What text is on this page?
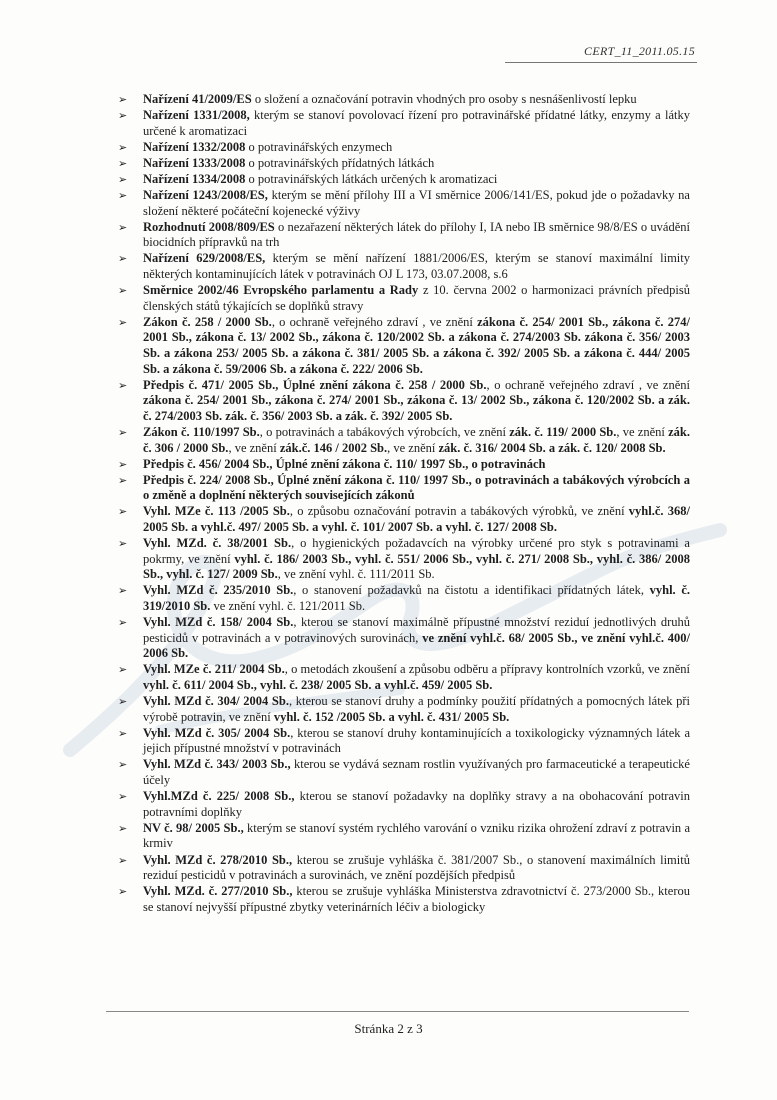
CERT_11_2011.05.15
➢ Nařízení 41/2009/ES o složení a označování potravin vhodných pro osoby s nesnášenlivostí lepku
➢ Nařízení 1331/2008, kterým se stanoví povolovací řízení pro potravinářské přídatné látky, enzymy a látky určené k aromatizaci
➢ Nařízení 1332/2008 o potravinářských enzymech
➢ Nařízení 1333/2008 o potravinářských přídatných látkách
➢ Nařízení 1334/2008 o potravinářských látkách určených k aromatizaci
➢ Nařízení 1243/2008/ES, kterým se mění přílohy III a VI směrnice 2006/141/ES, pokud jde o požadavky na složení některé počáteční kojenecké výživy
➢ Rozhodnutí 2008/809/ES o nezařazení některých látek do přílohy I, IA nebo IB směrnice 98/8/ES o uvádění biocidních přípravků na trh
➢ Nařízení 629/2008/ES, kterým se mění nařízení 1881/2006/ES, kterým se stanoví maximální limity některých kontaminujících látek v potravinách OJ L 173, 03.07.2008, s.6
➢ Směrnice 2002/46 Evropského parlamentu a Rady z 10. června 2002 o harmonizaci právních předpisů členských států týkajících se doplňků stravy
➢ Zákon č. 258 / 2000 Sb., o ochraně veřejného zdraví , ve znění zákona č. 254/ 2001 Sb., zákona č. 274/ 2001 Sb., zákona č. 13/ 2002 Sb., zákona č. 120/2002 Sb. a zákona č. 274/2003 Sb. zákona č. 356/ 2003 Sb. a zákona 253/ 2005 Sb. a zákona č. 381/ 2005 Sb. a zákona č. 392/ 2005 Sb. a zákona č. 444/ 2005 Sb. a zákona č. 59/2006 Sb. a zákona č. 222/ 2006 Sb.
➢ Předpis č. 471/ 2005 Sb., Úplné znění zákona č. 258 / 2000 Sb., o ochraně veřejného zdraví , ve znění zákona č. 254/ 2001 Sb., zákona č. 274/ 2001 Sb., zákona č. 13/ 2002 Sb., zákona č. 120/2002 Sb. a zák. č. 274/2003 Sb. zák. č. 356/ 2003 Sb. a zák. č. 392/ 2005 Sb.
➢ Zákon č. 110/1997 Sb., o potravinách a tabákových výrobcích, ve znění zák. č. 119/ 2000 Sb., ve znění zák. č. 306 / 2000 Sb., ve znění zák.č. 146 / 2002 Sb., ve znění zák. č. 316/ 2004 Sb. a zák. č. 120/ 2008 Sb.
➢ Předpis č. 456/ 2004 Sb., Úplné znění zákona č. 110/ 1997 Sb., o potravinách
➢ Předpis č. 224/ 2008 Sb., Úplné znění zákona č. 110/ 1997 Sb., o potravinách a tabákových výrobcích a o změně a doplnění některých souvisejících zákonů
➢ Vyhl. MZe č. 113 /2005 Sb., o způsobu označování potravin a tabákových výrobků, ve znění vyhl.č. 368/ 2005 Sb. a vyhl.č. 497/ 2005 Sb. a vyhl. č. 101/ 2007 Sb. a vyhl. č. 127/ 2008 Sb.
➢ Vyhl. MZd. č. 38/2001 Sb., o hygienických požadavcích na výrobky určené pro styk s potravinami a pokrmy, ve znění vyhl. č. 186/ 2003 Sb., vyhl. č. 551/ 2006 Sb., vyhl. č. 271/ 2008 Sb., vyhl. č. 386/ 2008 Sb., vyhl. č. 127/ 2009 Sb., ve znění vyhl. č. 111/2011 Sb.
➢ Vyhl. MZd č. 235/2010 Sb., o stanovení požadavků na čistotu a identifikaci přídatných látek, vyhl. č. 319/2010 Sb. ve znění vyhl. č. 121/2011 Sb.
➢ Vyhl. MZd č. 158/ 2004 Sb., kterou se stanoví maximálně přípustné množství reziduí jednotlivých druhů pesticidů v potravinách a v potravinových surovinách, ve znění vyhl.č. 68/ 2005 Sb., ve znění vyhl.č. 400/ 2006 Sb.
➢ Vyhl. MZe č. 211/ 2004 Sb., o metodách zkoušení a způsobu odběru a přípravy kontrolních vzorků, ve znění vyhl. č. 611/ 2004 Sb., vyhl. č. 238/ 2005 Sb. a vyhl.č. 459/ 2005 Sb.
➢ Vyhl. MZd č. 304/ 2004 Sb., kterou se stanoví druhy a podmínky použití přídatných a pomocných látek při výrobě potravin, ve znění vyhl. č. 152 /2005 Sb. a vyhl. č. 431/ 2005 Sb.
➢ Vyhl. MZd č. 305/ 2004 Sb., kterou se stanoví druhy kontaminujících a toxikologicky významných látek a jejich přípustné množství v potravinách
➢ Vyhl. MZd č. 343/ 2003 Sb., kterou se vydává seznam rostlin využívaných pro farmaceutické a terapeutické účely
➢ Vyhl.MZd č. 225/ 2008 Sb., kterou se stanoví požadavky na doplňky stravy a na obohacování potravin potravními doplňky
➢ NV č. 98/ 2005 Sb., kterým se stanoví systém rychlého varování o vzniku rizika ohrožení zdraví z potravin a krmiv
➢ Vyhl. MZd č. 278/2010 Sb., kterou se zrušuje vyhláška č. 381/2007 Sb., o stanovení maximálních limitů reziduí pesticidů v potravinách a surovinách, ve znění pozdějších předpisů
➢ Vyhl. MZd. č. 277/2010 Sb., kterou se zrušuje vyhláška Ministerstva zdravotnictví č. 273/2000 Sb., kterou se stanoví nejvyšší přípustné zbytky veterinárních léčiv a biologicky
Stránka 2 z 3
